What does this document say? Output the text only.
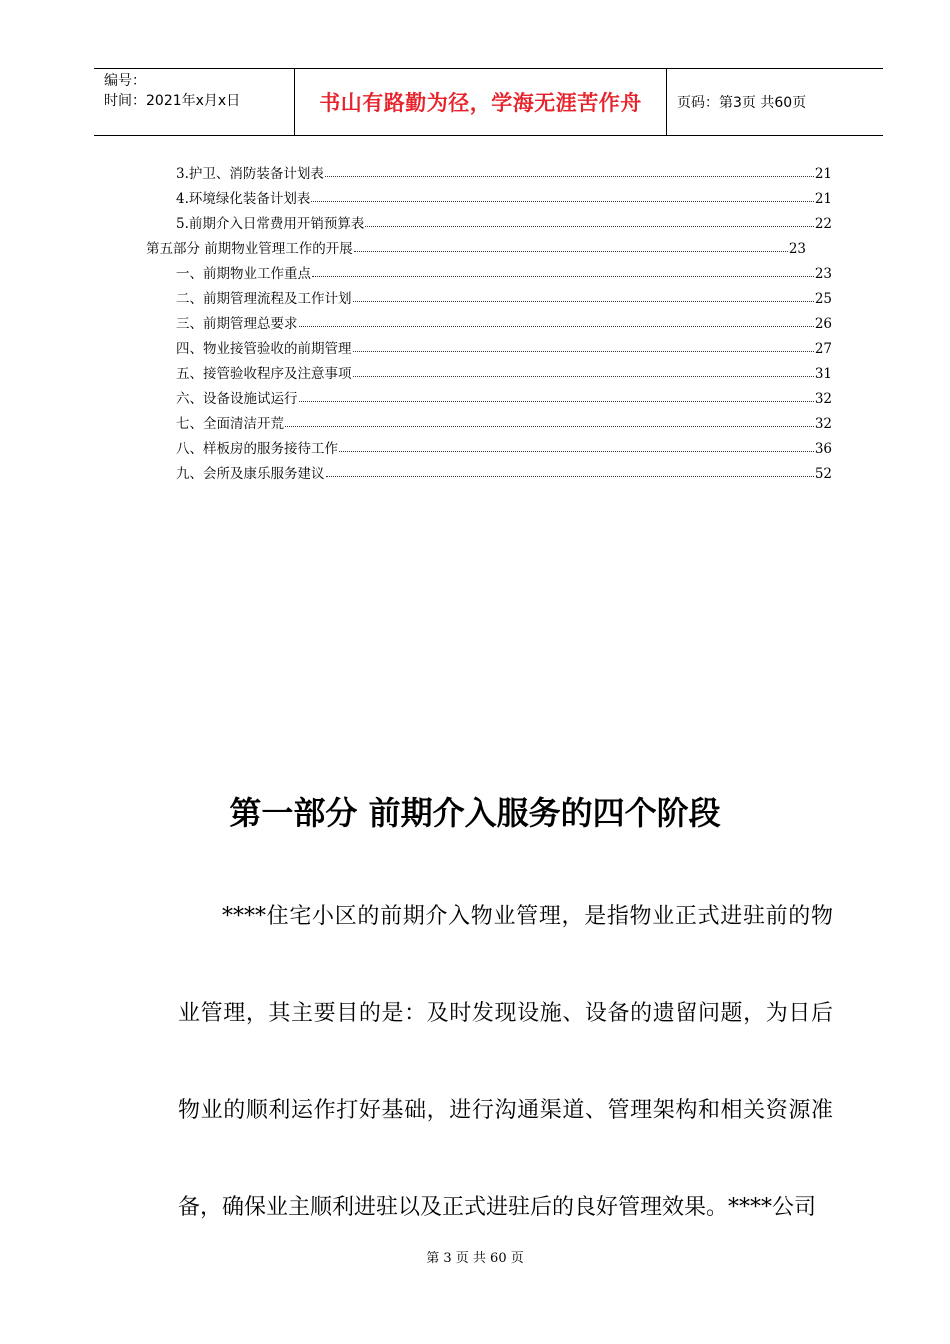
编号：
时间：2021年x月x日	书山有路勤为径，学海无涯苦作舟	页码：第3页 共60页
3.护卫、消防装备计划表	21
4.环境绿化装备计划表	21
5.前期介入日常费用开销预算表	22
第五部分 前期物业管理工作的开展	23
一、前期物业工作重点	23
二、前期管理流程及工作计划	25
三、前期管理总要求	26
四、物业接管验收的前期管理	27
五、接管验收程序及注意事项	31
六、设备设施试运行	32
七、全面清洁开荒	32
八、样板房的服务接待工作	36
九、会所及康乐服务建议	52
第一部分 前期介入服务的四个阶段

****住宅小区的前期介入物业管理，是指物业正式进驻前的物业管理，其主要目的是：及时发现设施、设备的遗留问题，为日后物业的顺利运作打好基础，进行沟通渠道、管理架构和相关资源准备，确保业主顺利进驻以及正式进驻后的良好管理效果。****公司

第 3 页 共 60 页
